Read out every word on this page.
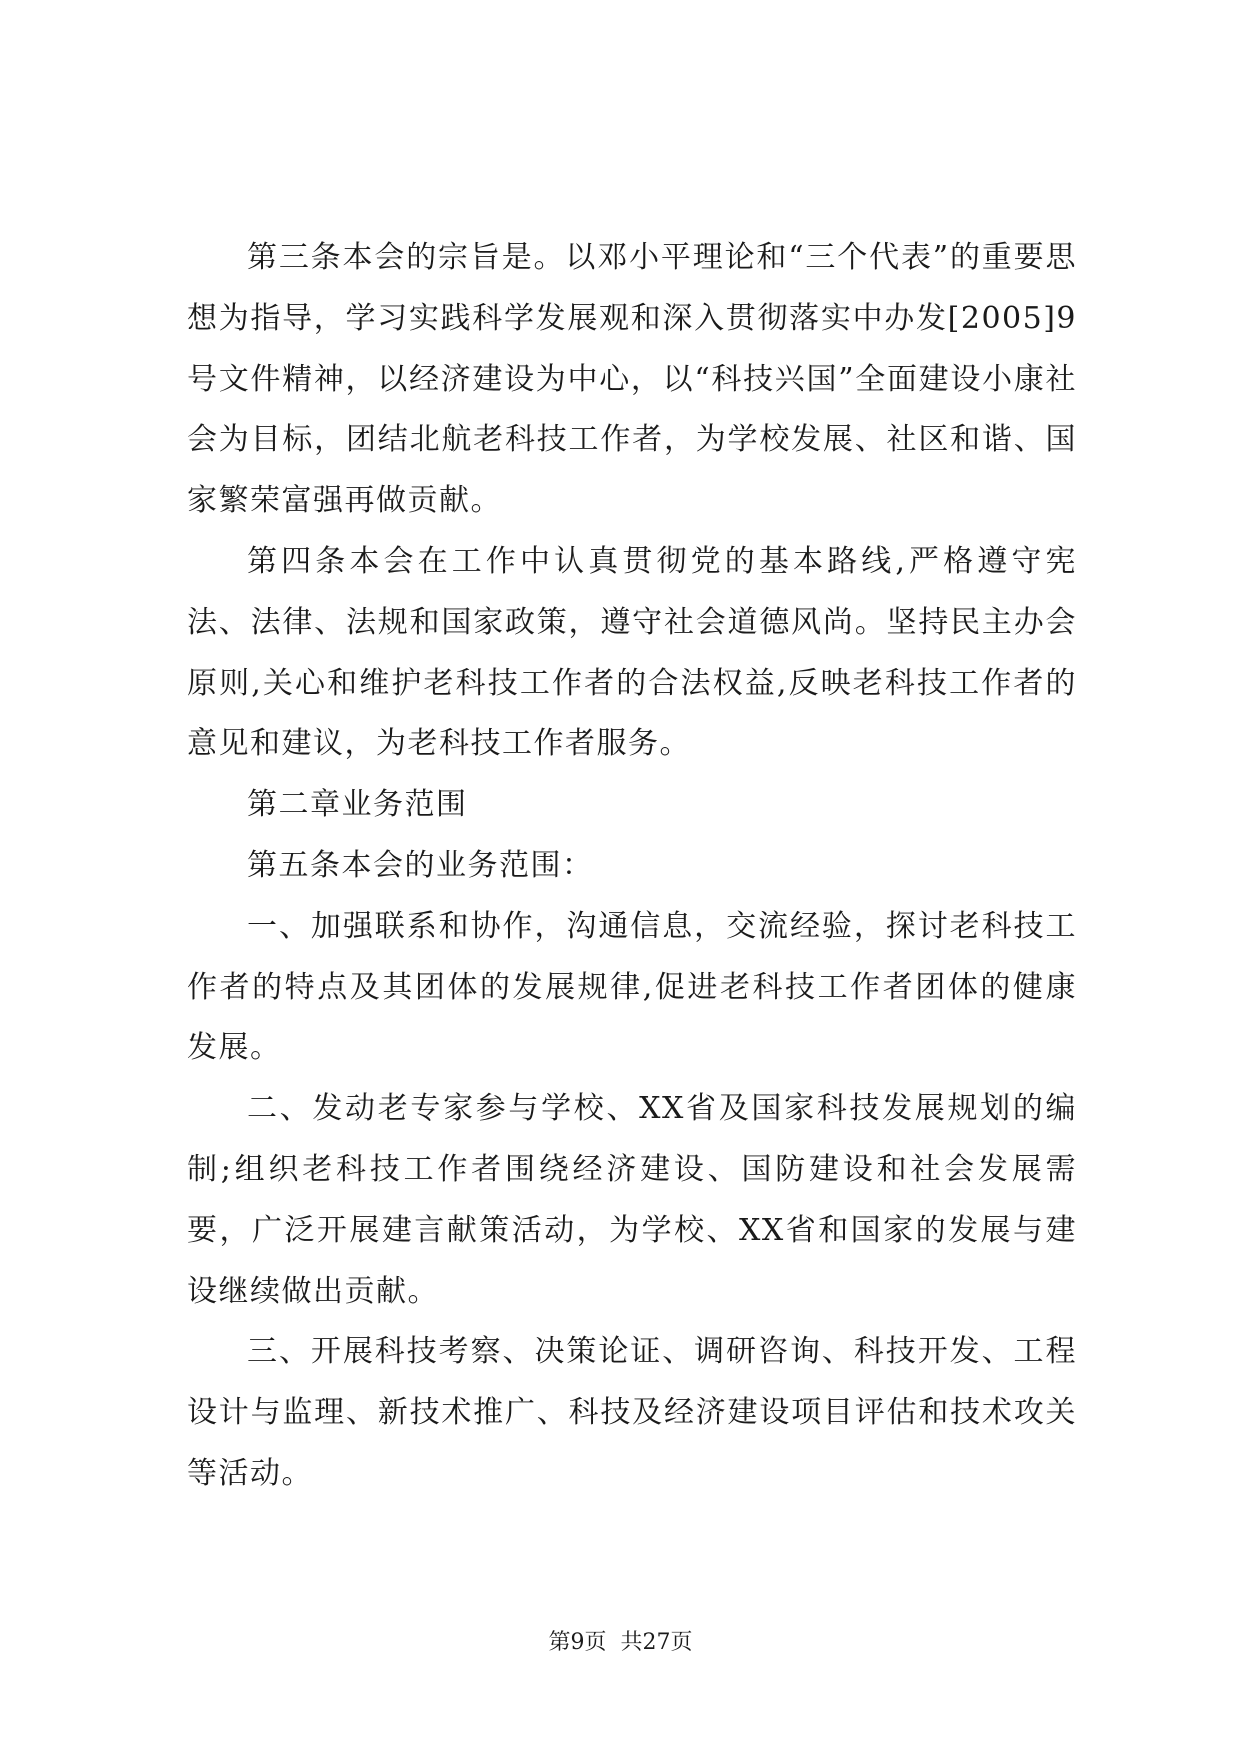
第三条本会的宗旨是。以邓小平理论和“三个代表”的重要思想为指导，学习实践科学发展观和深入贯彻落实中办发[2005]9号文件精神，以经济建设为中心，以“科技兴国”全面建设小康社会为目标，团结北航老科技工作者，为学校发展、社区和谐、国家繁荣富强再做贡献。

第四条本会在工作中认真贯彻党的基本路线,严格遵守宪法、法律、法规和国家政策，遵守社会道德风尚。坚持民主办会原则,关心和维护老科技工作者的合法权益,反映老科技工作者的意见和建议，为老科技工作者服务。

第二章业务范围

第五条本会的业务范围：

一、加强联系和协作，沟通信息，交流经验，探讨老科技工作者的特点及其团体的发展规律,促进老科技工作者团体的健康发展。

二、发动老专家参与学校、XX省及国家科技发展规划的编制;组织老科技工作者围绕经济建设、国防建设和社会发展需要，广泛开展建言献策活动，为学校、XX省和国家的发展与建设继续做出贡献。

三、开展科技考察、决策论证、调研咨询、科技开发、工程设计与监理、新技术推广、科技及经济建设项目评估和技术攻关等活动。

第9页  共27页
